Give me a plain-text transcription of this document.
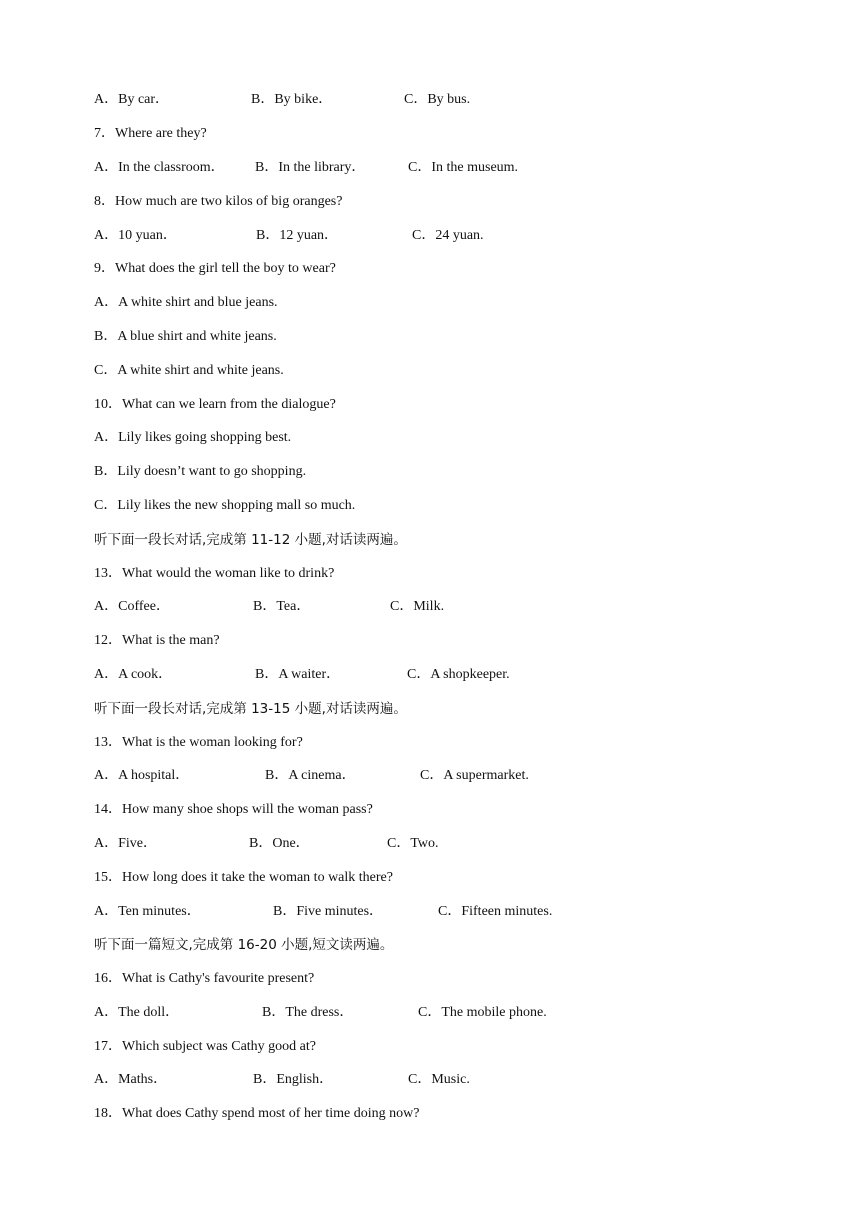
A．By car．	B．By bike．	C．By bus.
7．Where are they?
A．In the classroom． B．In the library．	C．In the museum.
8．How much are two kilos of big oranges?
A．10 yuan．	B．12 yuan．	C．24 yuan.
9．What does the girl tell the boy to wear?
A．A white shirt and blue jeans.
B．A blue shirt and white jeans.
C．A white shirt and white jeans.
10．What can we learn from the dialogue?
A．Lily likes going shopping best.
B．Lily doesn’t want to go shopping.
C．Lily likes the new shopping mall so much.
听下面一段长对话,完成第 11-12 小题,对话读两遍。
13．What would the woman like to drink?
A．Coffee．	B．Tea．	C．Milk.
12．What is the man?
A．A cook．	B．A waiter．	C．A shopkeeper.
听下面一段长对话,完成第 13-15 小题,对话读两遍。
13．What is the woman looking for?
A．A hospital．	B．A cinema．	C．A supermarket.
14．How many shoe shops will the woman pass?
A．Five．	B．One．	C．Two.
15．How long does it take the woman to walk there?
A．Ten minutes．	B．Five minutes．	C．Fifteen minutes.
听下面一篇短文,完成第 16-20 小题,短文读两遍。
16．What is Cathy's favourite present?
A．The doll．	B．The dress．	C．The mobile phone.
17．Which subject was Cathy good at?
A．Maths．	B．English．	C．Music.
18．What does Cathy spend most of her time doing now?
